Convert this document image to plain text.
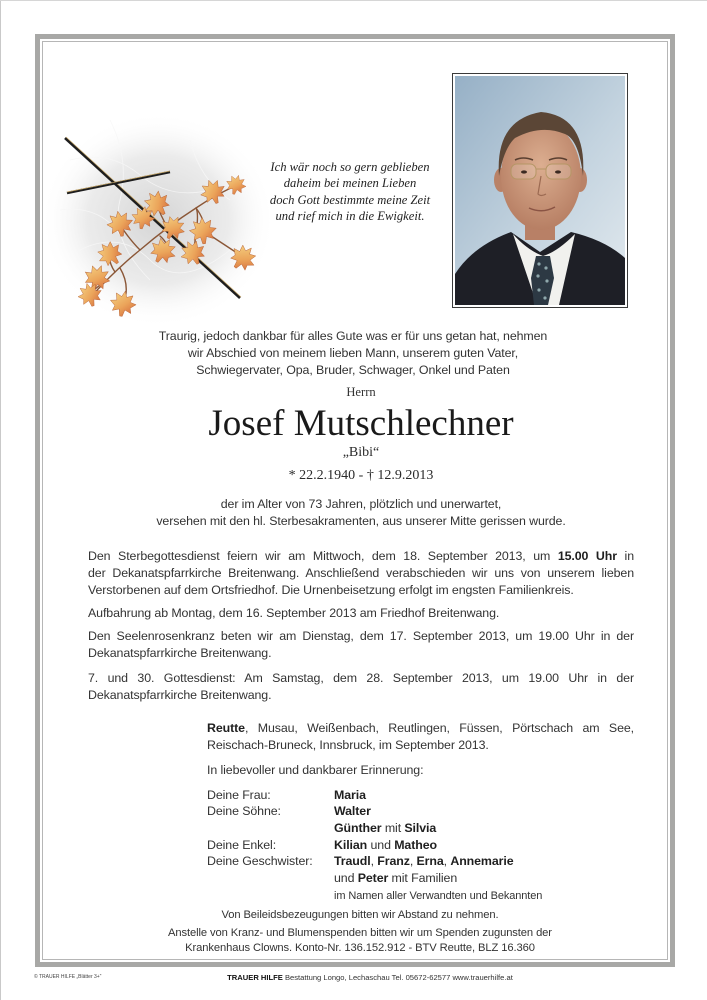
Ich wär noch so gern geblieben
daheim bei meinen Lieben
doch Gott bestimmte meine Zeit
und rief mich in die Ewigkeit.
Traurig, jedoch dankbar für alles Gute was er für uns getan hat, nehmen
wir Abschied von meinem lieben Mann, unserem guten Vater,
Schwiegervater, Opa, Bruder, Schwager, Onkel und Paten
Herrn
Josef Mutschlechner
„Bibi“
* 22.2.1940 - † 12.9.2013
der im Alter von 73 Jahren, plötzlich und unerwartet,
versehen mit den hl. Sterbesakramenten, aus unserer Mitte gerissen wurde.
Den Sterbegottesdienst feiern wir am Mittwoch, dem 18. September 2013, um 15.00 Uhr in
der Dekanatspfarrkirche Breitenwang. Anschließend verabschieden wir uns von unserem lieben
Verstorbenen auf dem Ortsfriedhof. Die Urnenbeisetzung erfolgt im engsten Familienkreis.
Aufbahrung ab Montag, dem 16. September 2013 am Friedhof Breitenwang.
Den Seelenrosenkranz beten wir am Dienstag, dem 17. September 2013, um 19.00 Uhr in der
Dekanatspfarrkirche Breitenwang.
7. und 30. Gottesdienst: Am Samstag, dem 28. September 2013, um 19.00 Uhr in der
Dekanatspfarrkirche Breitenwang.
Reutte, Musau, Weißenbach, Reutlingen, Füssen, Pörtschach am See,
Reischach-Bruneck, Innsbruck, im September 2013.
In liebevoller und dankbarer Erinnerung:
Deine Frau:	Maria
Deine Söhne:	Walter
Günther mit Silvia
Deine Enkel:	Kilian und Matheo
Deine Geschwister: Traudl, Franz, Erna, Annemarie
und Peter mit Familien
im Namen aller Verwandten und Bekannten
Von Beileidsbezeugungen bitten wir Abstand zu nehmen.
Anstelle von Kranz- und Blumenspenden bitten wir um Spenden zugunsten der
Krankenhaus Clowns. Konto-Nr. 136.152.912 - BTV Reutte, BLZ 16.360
© TRAUER HILFE „Blätter 3+“	TRAUER HILFE Bestattung Longo, Lechaschau Tel. 05672-62577 www.trauerhilfe.at
